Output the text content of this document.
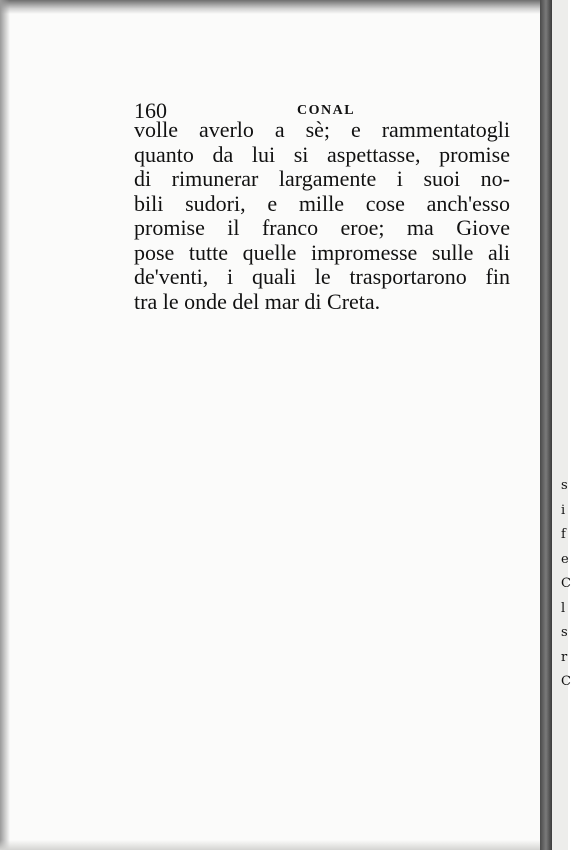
s
i
f
e
C
l
s
r
C
160	CONAL
volle averlo a sè; e rammentatogli
quanto da lui si aspettasse, promise
di rimunerar largamente i suoi no-
bili sudori, e mille cose anch'esso
promise il franco eroe; ma Giove
pose tutte quelle impromesse sulle ali
de'venti, i quali le trasportarono fin
tra le onde del mar di Creta.
